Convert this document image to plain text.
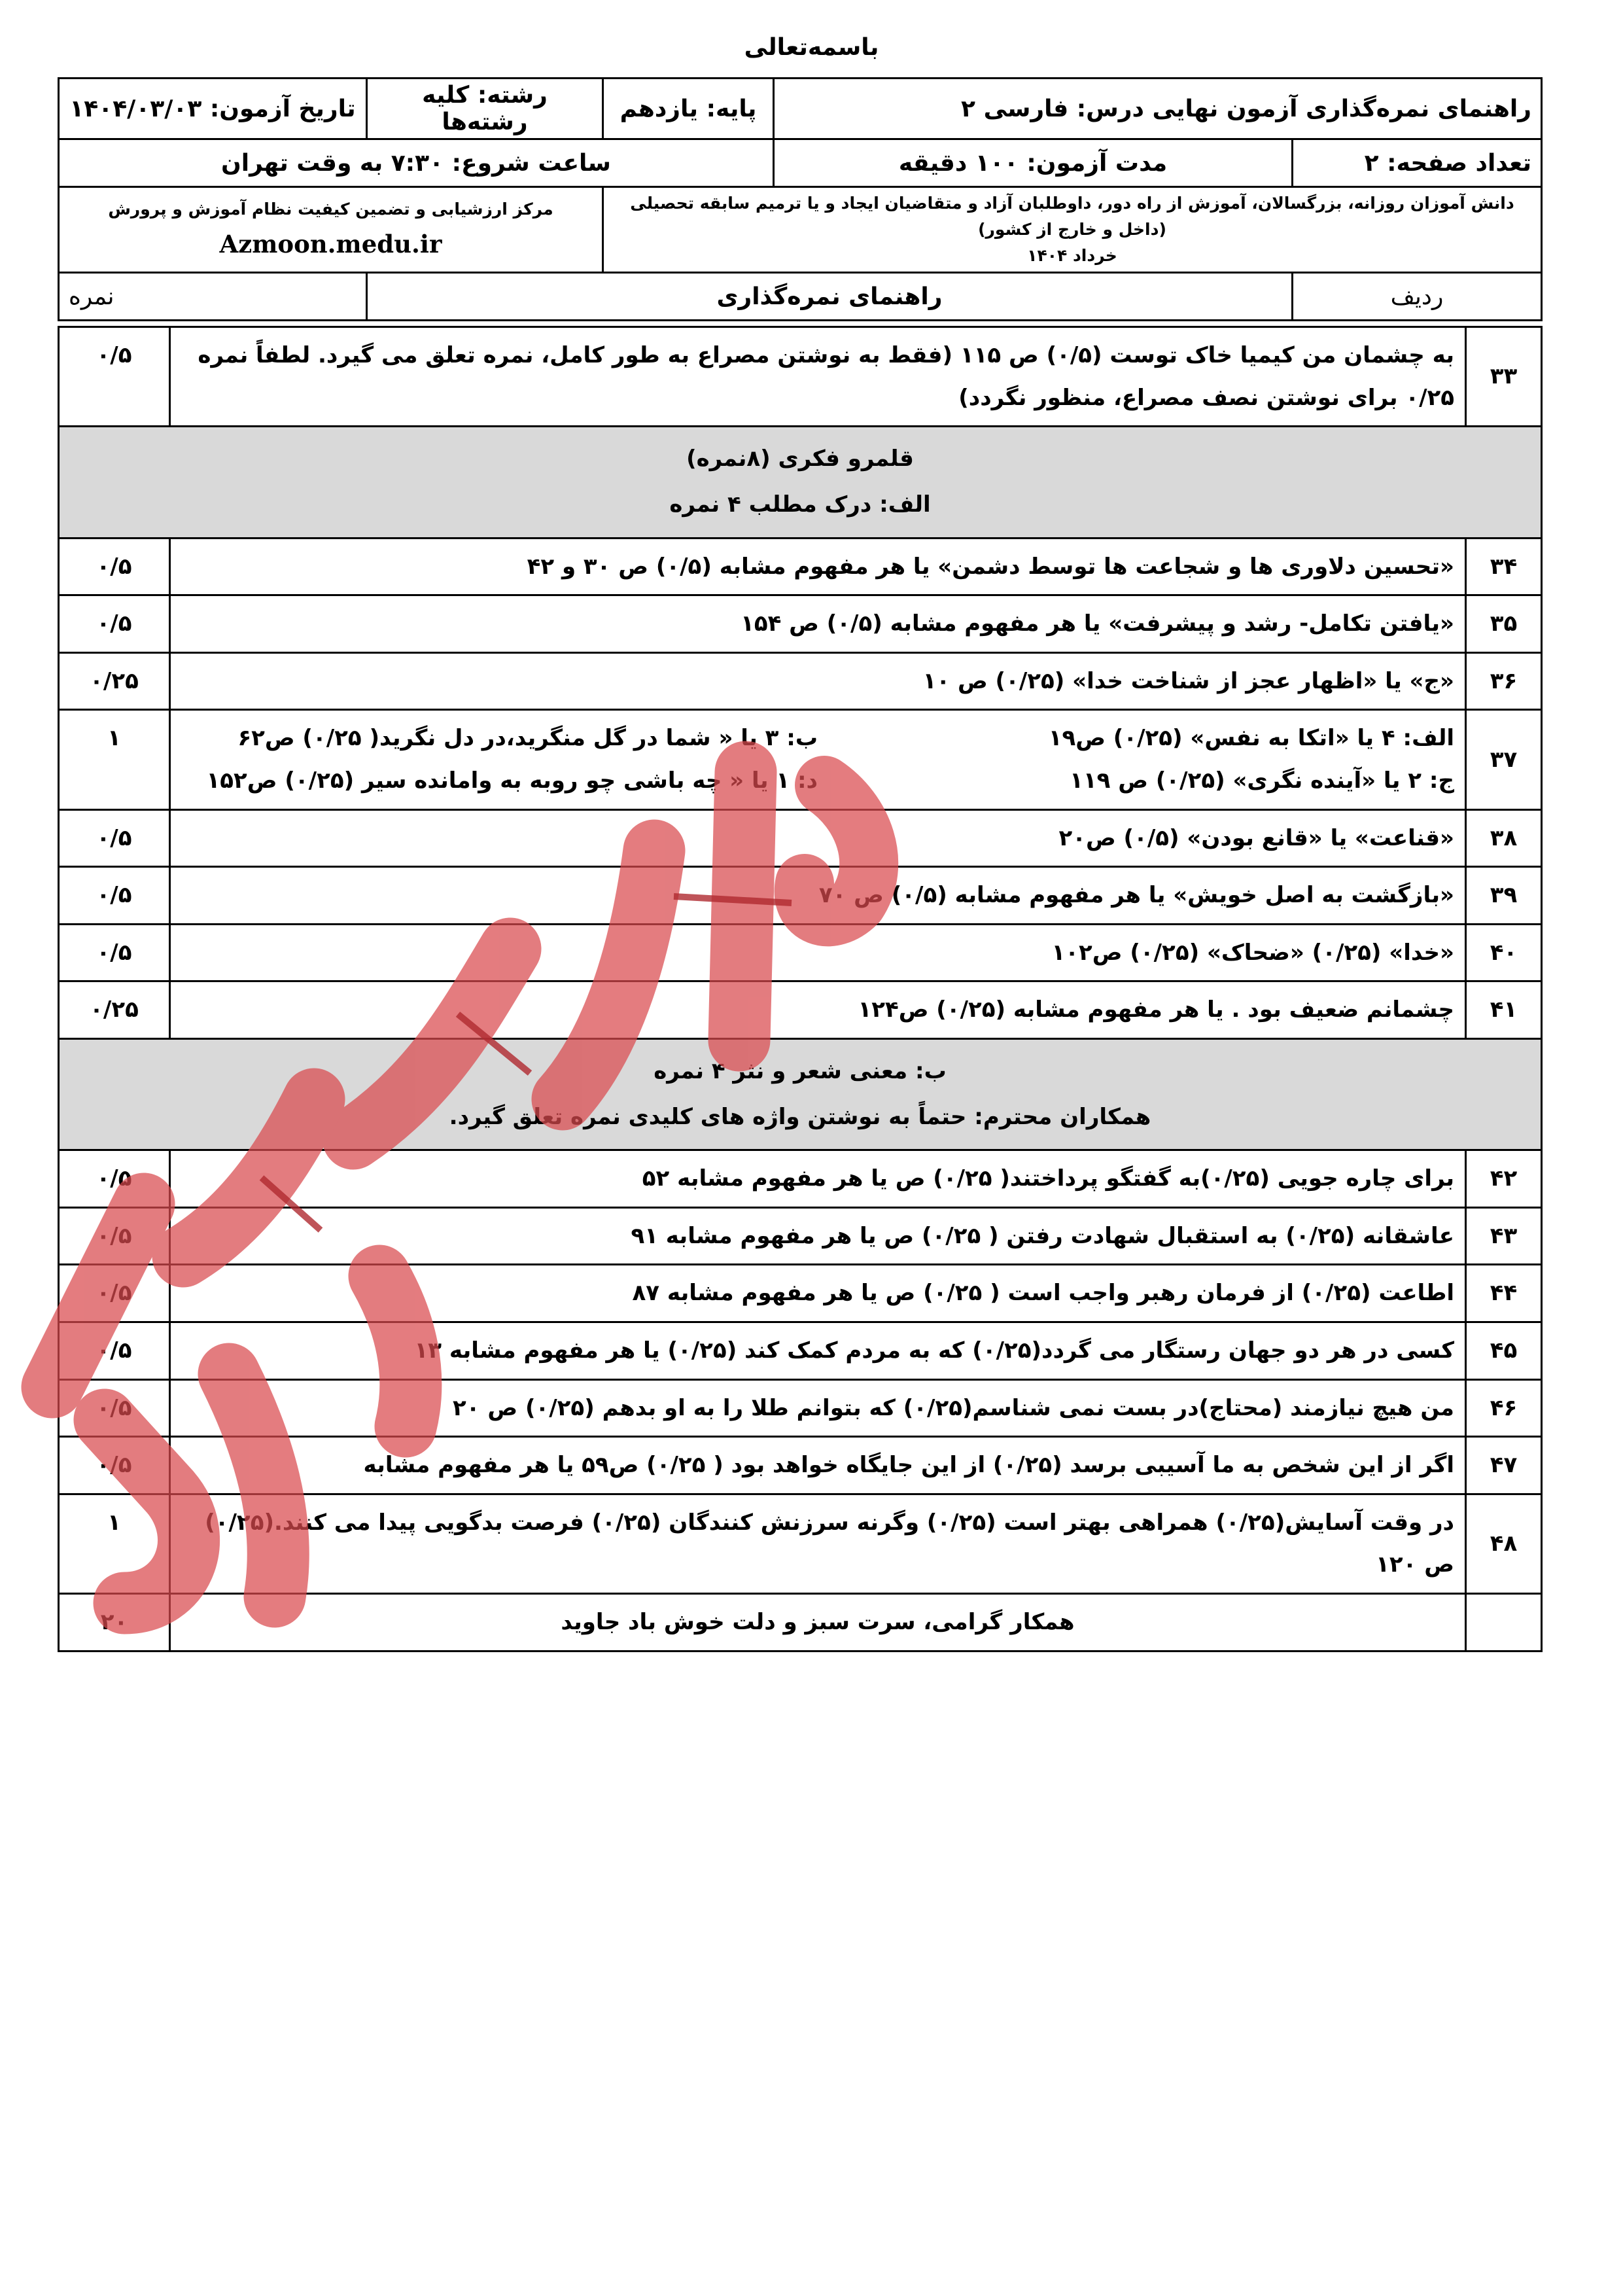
باسمه‌تعالی
راهنمای نمره‌گذاری آزمون نهایی درس: فارسی ۲		پایه: یازدهم	رشته: کلیه رشته‌ها	تاریخ آزمون: ۱۴۰۴/۰۳/۰۳
تعداد صفحه: ۲	مدت آزمون: ۱۰۰ دقیقه	ساعت شروع: ۷:۳۰ به وقت تهران		
دانش آموزان روزانه، بزرگسالان، آموزش از راه دور، داوطلبان آزاد و متقاضیان ایجاد و یا ترمیم سابقه تحصیلی (داخل و خارج از کشور)
خرداد ۱۴۰۴			مرکز ارزشیابی و تضمین کیفیت نظام آموزش و پرورش
Azmoon.medu.ir	

ردیف	راهنمای نمره‌گذاری			نمره
۳۳	به چشمان من کیمیا خاک توست (۰/۵) ص ۱۱۵ (فقط به نوشتن مصراع به طور کامل، نمره تعلق می گیرد. لطفاً نمره ۰/۲۵ برای نوشتن نصف مصراع، منظور نگردد)	۰/۵

قلمرو فکری (۸نمره)
الف: درک مطلب ۴ نمره		

۳۴	«تحسین دلاوری ها و شجاعت ها توسط دشمن» یا هر مفهوم مشابه (۰/۵) ص ۳۰ و ۴۲	۰/۵
۳۵	«یافتن تکامل- رشد و پیشرفت» یا هر مفهوم مشابه (۰/۵) ص ۱۵۴	۰/۵
۳۶	«ج» یا «اظهار عجز از شناخت خدا» (۰/۲۵) ص ۱۰	۰/۲۵
۳۷	الف: ۴ یا «اتکا به نفس» (۰/۲۵) ص۱۹
ب: ۳ یا « شما در گل منگرید،در دل نگرید( ۰/۲۵) ص۶۲
ج: ۲ یا «آینده نگری» (۰/۲۵) ص ۱۱۹
د: ۱ یا « چه باشی چو روبه به وامانده سیر (۰/۲۵) ص۱۵۲	۱
۳۸	«قناعت» یا «قانع بودن» (۰/۵) ص۲۰	۰/۵
۳۹	«بازگشت به اصل خویش» یا هر مفهوم مشابه (۰/۵) ص ۷۰	۰/۵
۴۰	«خدا» (۰/۲۵) «ضحاک» (۰/۲۵) ص۱۰۲	۰/۵
۴۱	چشمانم ضعیف بود . یا هر مفهوم مشابه (۰/۲۵) ص۱۲۴	۰/۲۵

ب: معنی شعر و نثر ۴ نمره
همکاران محترم: حتماً به نوشتن واژه های کلیدی نمره تعلق گیرد.		

۴۲	برای چاره جویی (۰/۲۵)به گفتگو پرداختند( ۰/۲۵) ص یا هر مفهوم مشابه ۵۲	۰/۵
۴۳	عاشقانه (۰/۲۵) به استقبال شهادت رفتن ( ۰/۲۵) ص یا هر مفهوم مشابه ۹۱	۰/۵
۴۴	اطاعت (۰/۲۵) از فرمان رهبر واجب است ( ۰/۲۵) ص یا هر مفهوم مشابه ۸۷	۰/۵
۴۵	کسی در هر دو جهان رستگار می گردد(۰/۲۵) که به مردم کمک کند (۰/۲۵) یا هر مفهوم مشابه ۱۳	۰/۵
۴۶	من هیچ نیازمند (محتاج)در بست نمی شناسم(۰/۲۵) که بتوانم طلا را به او بدهم (۰/۲۵) ص ۲۰	۰/۵
۴۷	اگر از این شخص به ما آسیبی برسد (۰/۲۵) از این جایگاه خواهد بود ( ۰/۲۵) ص۵۹ یا هر مفهوم مشابه	۰/۵
۴۸	در وقت آسایش(۰/۲۵) همراهی بهتر است (۰/۲۵) وگرنه سرزنش کنندگان (۰/۲۵) فرصت بدگویی پیدا می کنند.(۰/۲۵) ص ۱۲۰	۱
	همکار گرامی، سرت سبز و دلت خوش باد جاوید	۲۰
